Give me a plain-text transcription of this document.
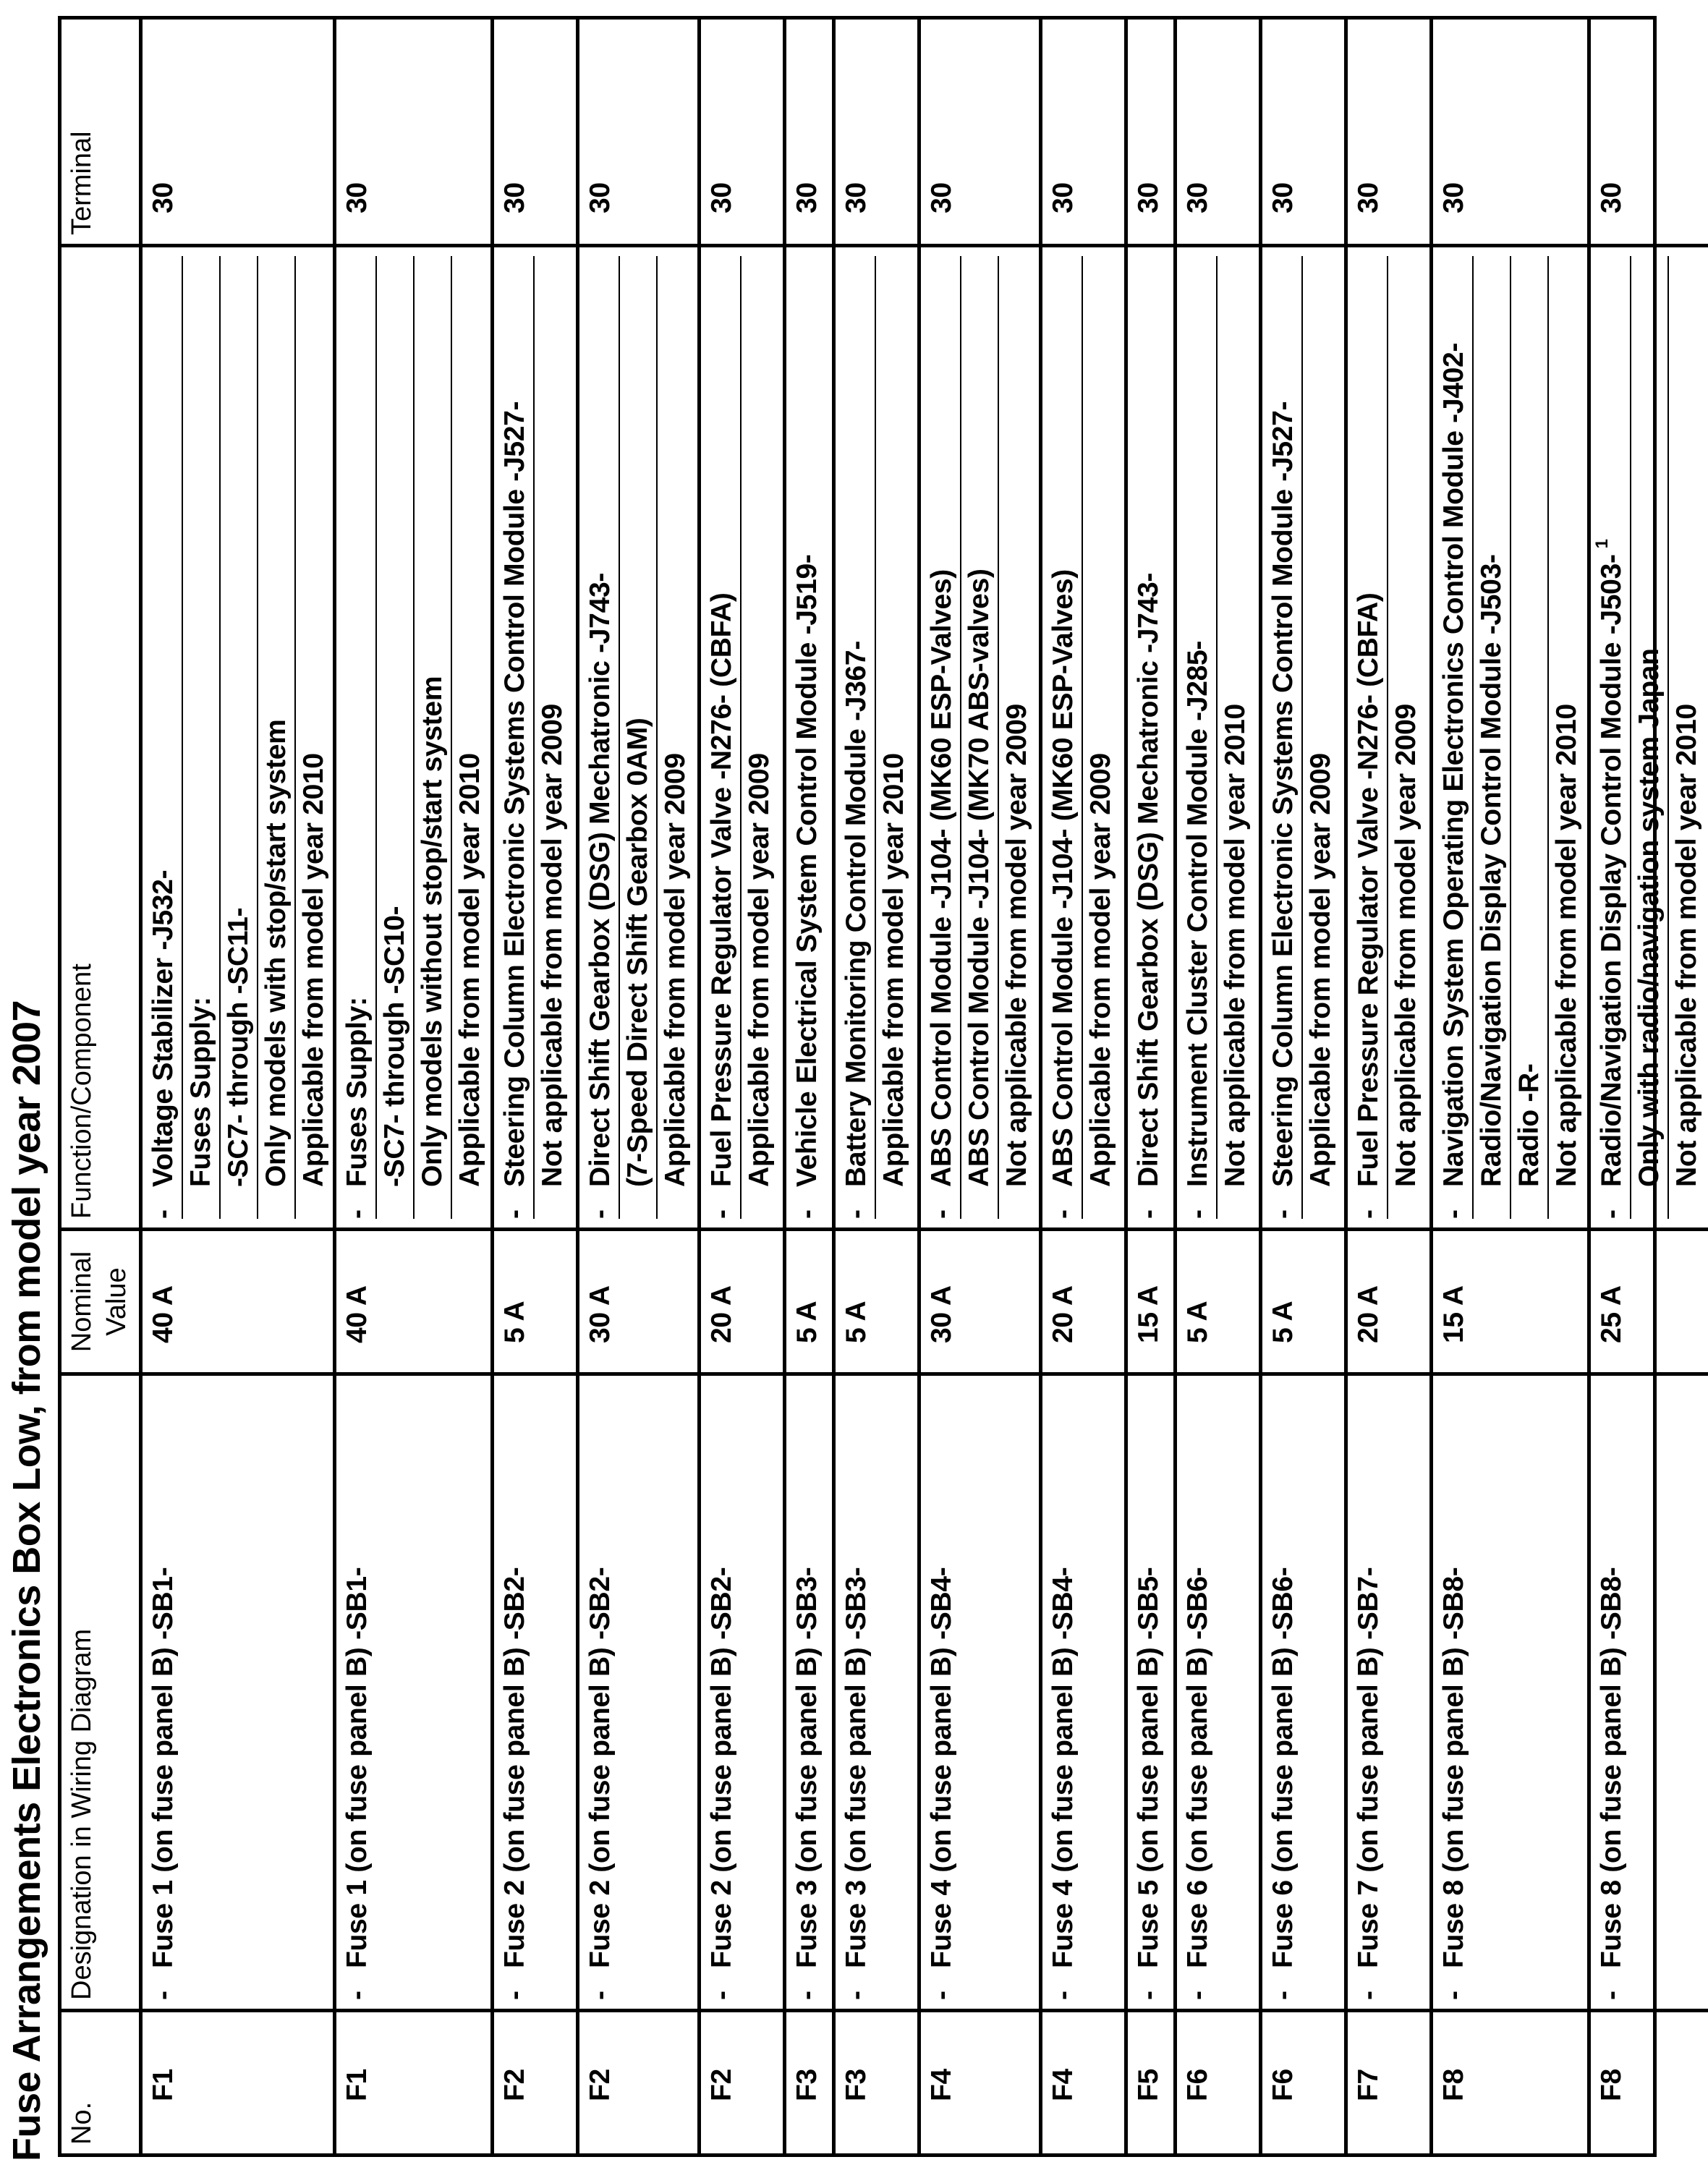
Fuse Arrangements Electronics Box Low, from model year 2007 No.
Designation in Wiring Diagram
Nominal Value
Function/Component
Terminal
F1
-Fuse 1 (on fuse panel B) -SB1-
40 A
-
Voltage Stabilizer -J532- Fuses Supply: -SC7- through -SC11- Only models with stop/start system Applicable from model year 2010
30
F1
-Fuse 1 (on fuse panel B) -SB1-
40 A
-
Fuses Supply: -SC7- through -SC10- Only models without stop/start system Applicable from model year 2010
30
F2
-Fuse 2 (on fuse panel B) -SB2-
5 A
-
Steering Column Electronic Systems Control Module -J527- Not applicable from model year 2009
30
F2
-Fuse 2 (on fuse panel B) -SB2-
30 A
-
Direct Shift Gearbox (DSG) Mechatronic -J743- (7-Speed Direct Shift Gearbox 0AM) Applicable from model year 2009
30
F2
-Fuse 2 (on fuse panel B) -SB2-
20 A
-
Fuel Pressure Regulator Valve -N276- (CBFA) Applicable from model year 2009
30
F3
-Fuse 3 (on fuse panel B) -SB3-
5 A
-
Vehicle Electrical System Control Module -J519-
30
F3
-Fuse 3 (on fuse panel B) -SB3-
5 A
-
Battery Monitoring Control Module -J367- Applicable from model year 2010
30
F4
-Fuse 4 (on fuse panel B) -SB4-
30 A
-
ABS Control Module -J104- (MK60 ESP-Valves) ABS Control Module -J104- (MK70 ABS-valves) Not applicable from model year 2009
30
F4
-Fuse 4 (on fuse panel B) -SB4-
20 A
-
ABS Control Module -J104- (MK60 ESP-Valves) Applicable from model year 2009
30
F5
-Fuse 5 (on fuse panel B) -SB5-
15 A
-
Direct Shift Gearbox (DSG) Mechatronic -J743-
30
F6
-Fuse 6 (on fuse panel B) -SB6-
5 A
-
Instrument Cluster Control Module -J285- Not applicable from model year 2010
30
F6
-Fuse 6 (on fuse panel B) -SB6-
5 A
-
Steering Column Electronic Systems Control Module -J527- Applicable from model year 2009
30
F7
-Fuse 7 (on fuse panel B) -SB7-
20 A
-
Fuel Pressure Regulator Valve -N276- (CBFA) Not applicable from model year 2009
30
F8
-Fuse 8 (on fuse panel B) -SB8-
15 A
-
Navigation System Operating Electronics Control Module -J402- Radio/Navigation Display Control Module -J503- Radio -R- Not applicable from model year 2010
30
F8
-Fuse 8 (on fuse panel B) -SB8-
25 A
-
Radio/Navigation Display Control Module -J503-$^1$
Only with radio/navigation system Japan Not applicable from model year 2010
30
